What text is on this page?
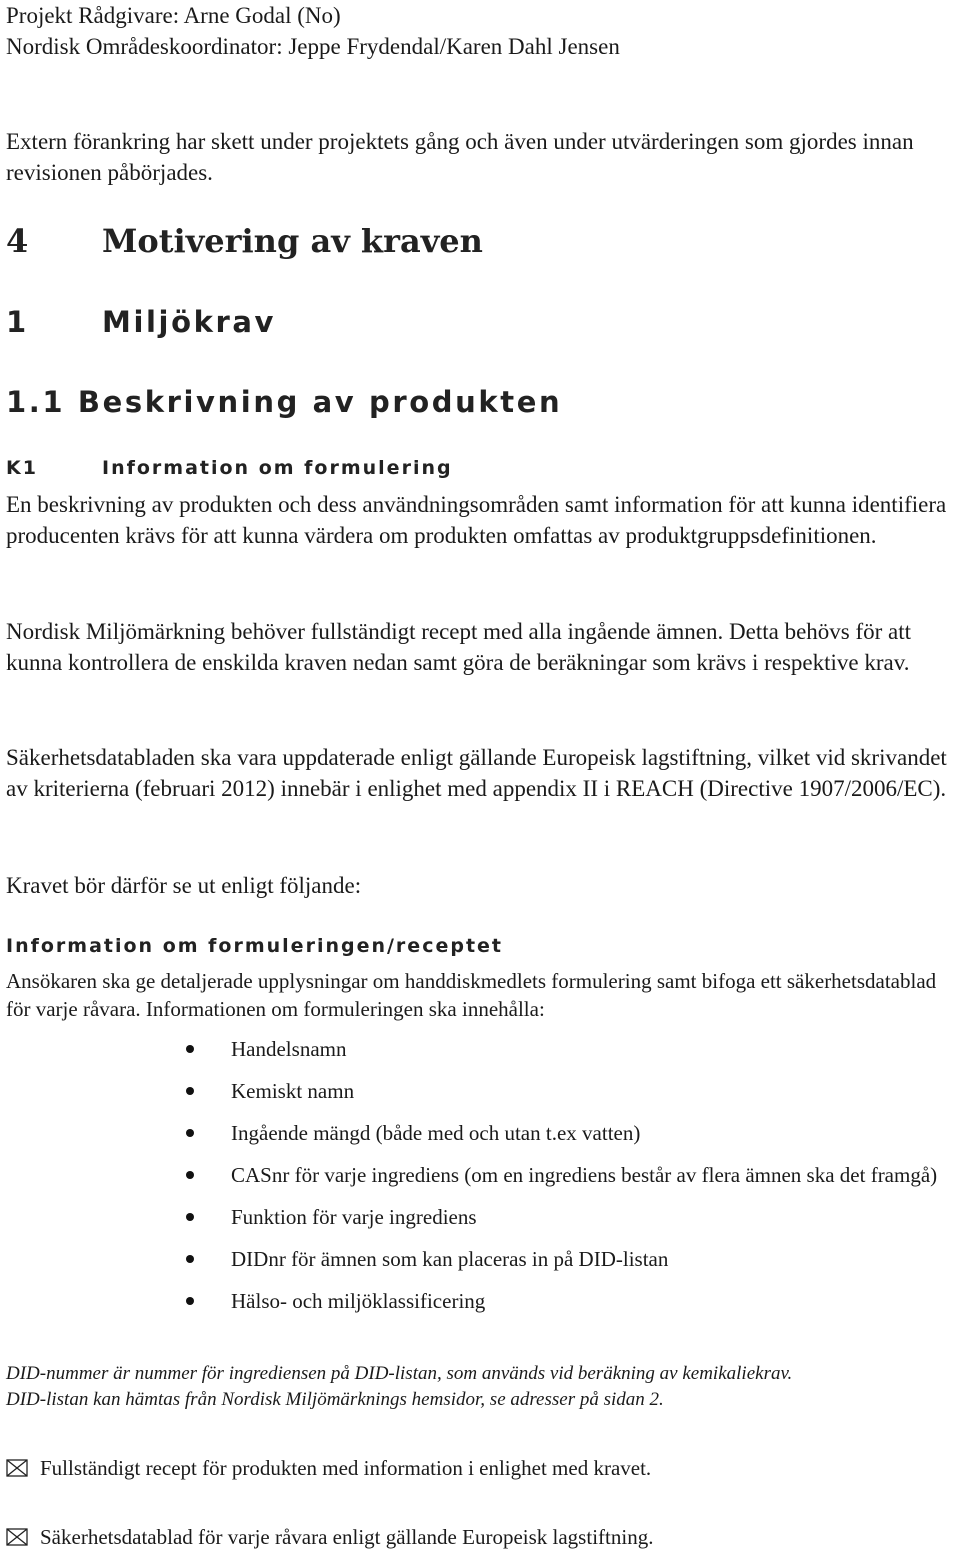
Projekt Rådgivare: Arne Godal (No)
Nordisk Områdeskoordinator: Jeppe Frydendal/Karen Dahl Jensen

Extern förankring har skett under projektets gång och även under utvärderingen som gjordes innan revisionen påbörjades.

4 Motivering av kraven
1	Miljökrav
1.1 Beskrivning av produkten
K1	Information om formulering

En beskrivning av produkten och dess användningsområden samt information för att kunna identifiera producenten krävs för att kunna värdera om produkten omfattas av produktgruppsdefinitionen.

Nordisk Miljömärkning behöver fullständigt recept med alla ingående ämnen. Detta behövs för att kunna kontrollera de enskilda kraven nedan samt göra de beräkningar som krävs i respektive krav.

Säkerhetsdatabladen ska vara uppdaterade enligt gällande Europeisk lagstiftning, vilket vid skrivandet av kriterierna (februari 2012) innebär i enlighet med appendix II i REACH (Directive 1907/2006/EC).

Kravet bör därför se ut enligt följande:

Information om formuleringen/receptet

Ansökaren ska ge detaljerade upplysningar om handdiskmedlets formulering samt bifoga ett säkerhetsdatablad för varje råvara. Informationen om formuleringen ska innehålla:

Handelsnamn
Kemiskt namn
Ingående mängd (både med och utan t.ex vatten)
CASnr för varje ingrediens (om en ingrediens består av flera ämnen ska det framgå)
Funktion för varje ingrediens
DIDnr för ämnen som kan placeras in på DID-listan
Hälso- och miljöklassificering
DID-nummer är nummer för ingrediensen på DID-listan, som används vid beräkning av kemikaliekrav.
DID-listan kan hämtas från Nordisk Miljömärknings hemsidor, se adresser på sidan 2.
Fullständigt recept för produkten med information i enlighet med kravet.
Säkerhetsdatablad för varje råvara enligt gällande Europeisk lagstiftning.
